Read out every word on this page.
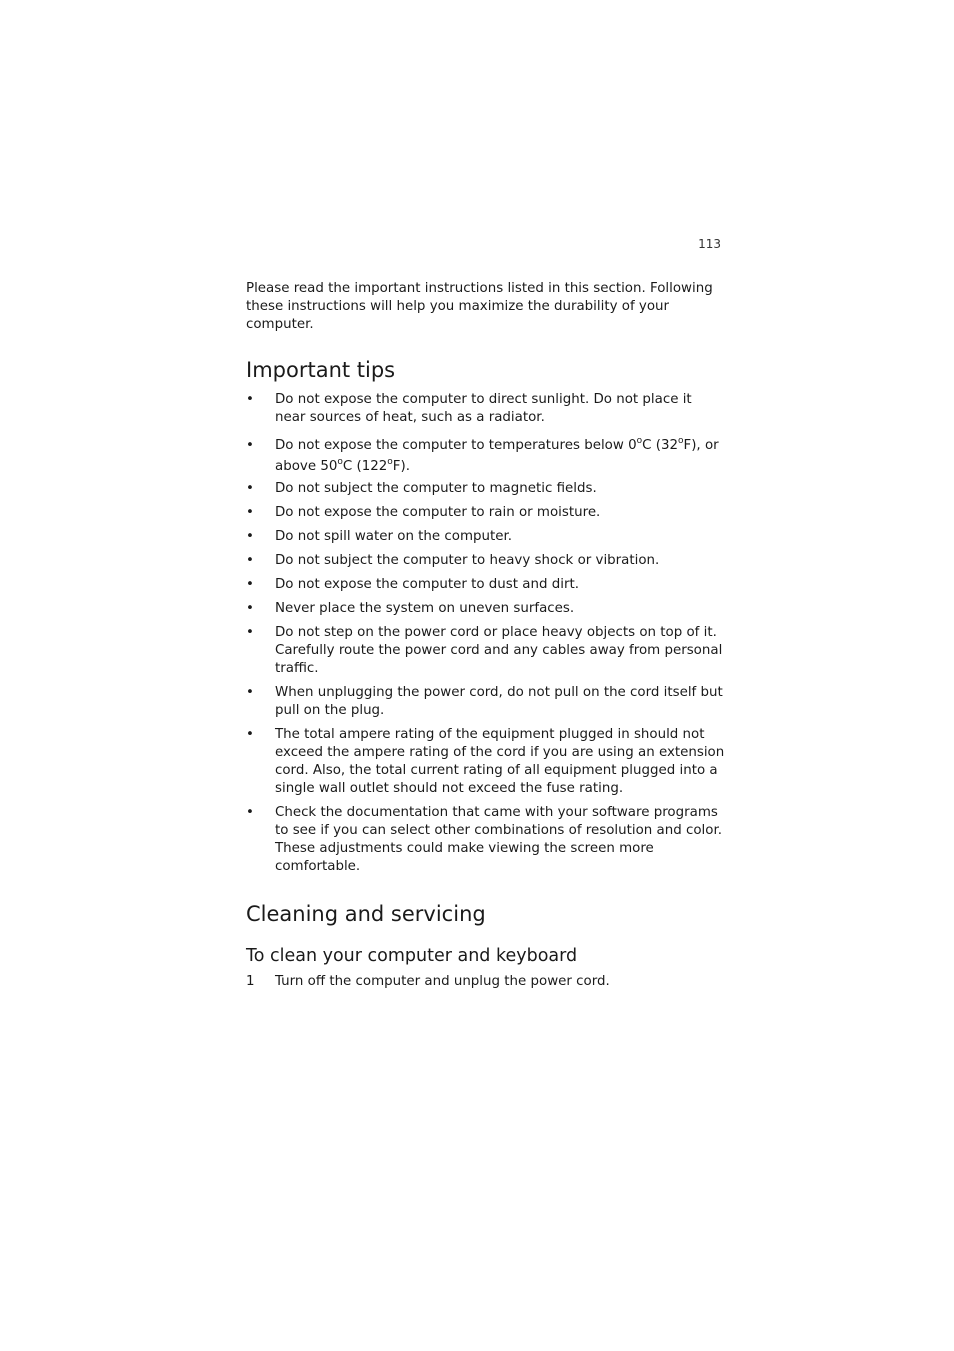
113

Please read the important instructions listed in this section. Following these instructions will help you maximize the durability of your computer.

Important tips
• Do not expose the computer to direct sunlight. Do not place it near sources of heat, such as a radiator.
• Do not expose the computer to temperatures below 0$^o$C (32$^o$F), or above 50$^o$C (122$^o$F).
• Do not subject the computer to magnetic fields.
• Do not expose the computer to rain or moisture.
• Do not spill water on the computer.
• Do not subject the computer to heavy shock or vibration.
• Do not expose the computer to dust and dirt.
• Never place the system on uneven surfaces.
• Do not step on the power cord or place heavy objects on top of it. Carefully route the power cord and any cables away from personal traffic.
• When unplugging the power cord, do not pull on the cord itself but pull on the plug.
• The total ampere rating of the equipment plugged in should not exceed the ampere rating of the cord if you are using an extension cord. Also, the total current rating of all equipment plugged into a single wall outlet should not exceed the fuse rating.
• Check the documentation that came with your software programs to see if you can select other combinations of resolution and color. These adjustments could make viewing the screen more comfortable.
Cleaning and servicing
To clean your computer and keyboard
1 Turn off the computer and unplug the power cord.
